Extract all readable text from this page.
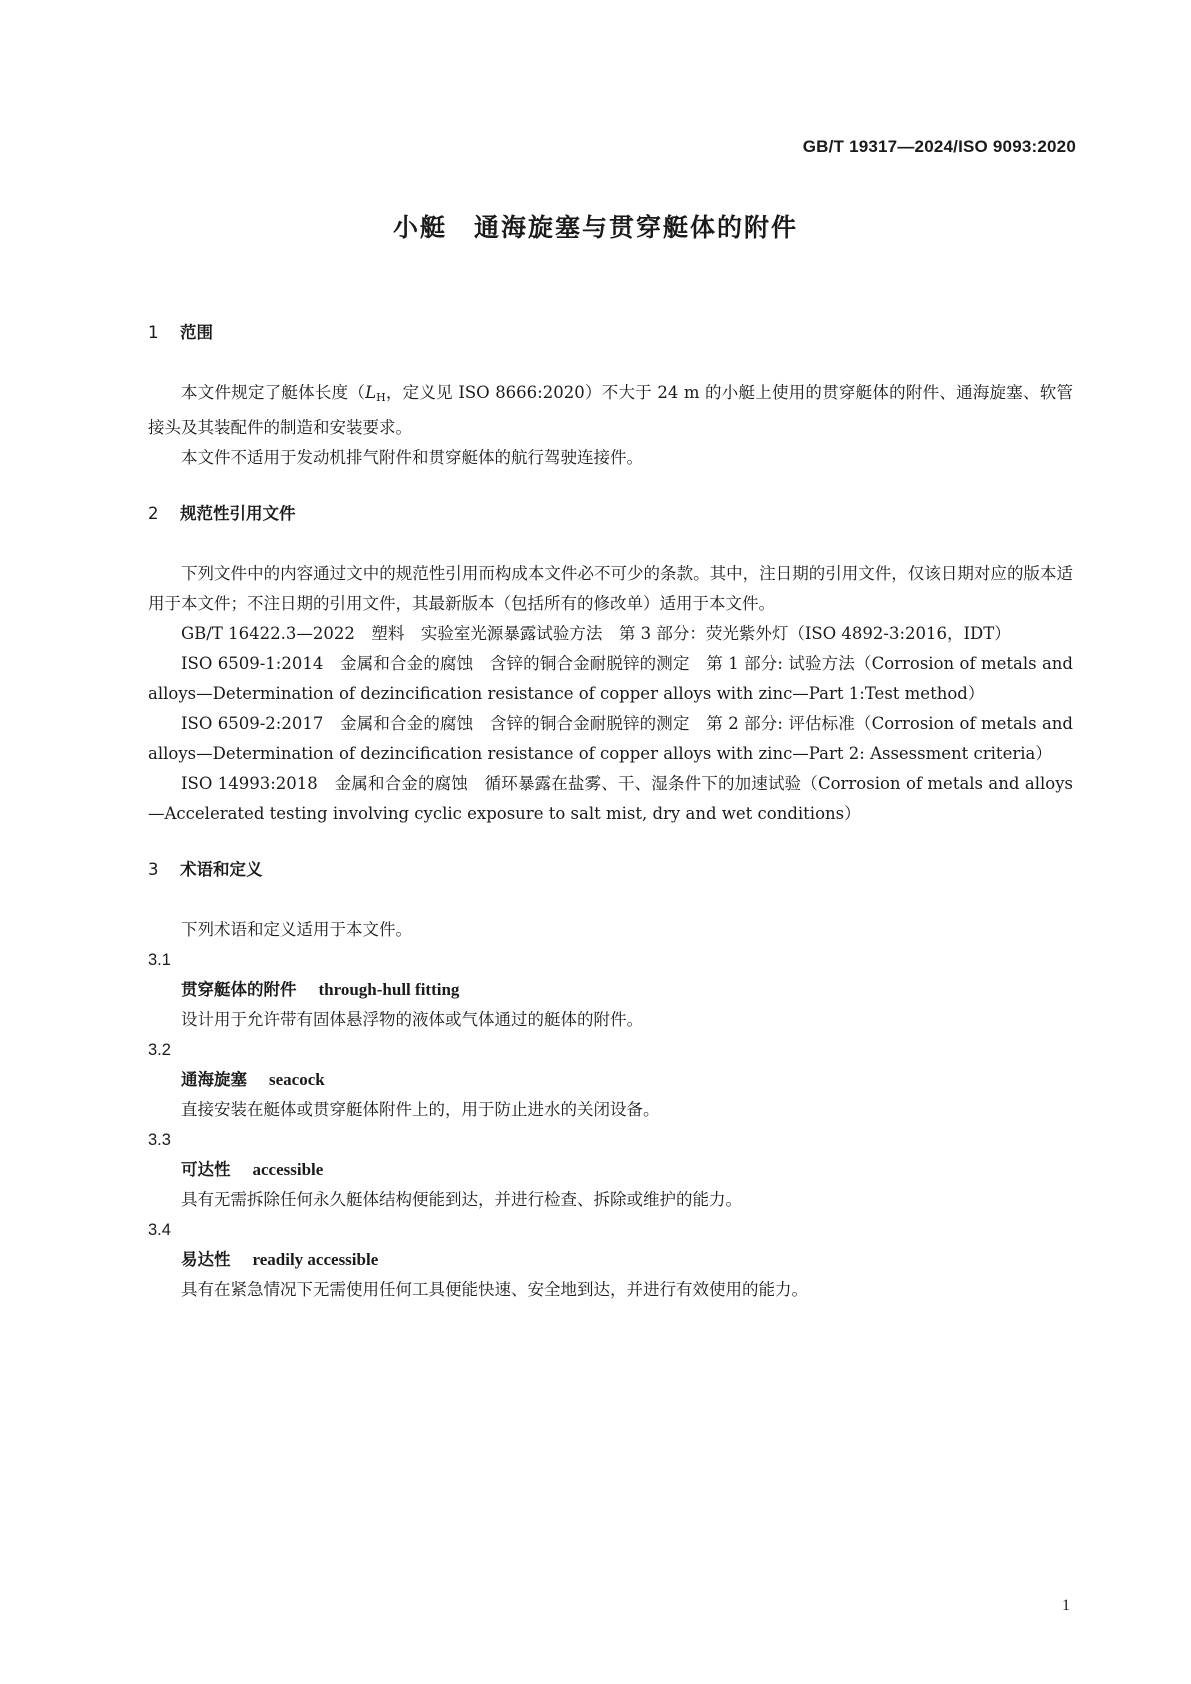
GB/T 19317—2024/ISO 9093:2020
小艇　通海旋塞与贯穿艇体的附件
1 范围

本文件规定了艇体长度（$L_H$，定义见 ISO 8666:2020）不大于 24 m 的小艇上使用的贯穿艇体的附件、通海旋塞、软管接头及其装配件的制造和安装要求。

本文件不适用于发动机排气附件和贯穿艇体的航行驾驶连接件。

2 规范性引用文件

下列文件中的内容通过文中的规范性引用而构成本文件必不可少的条款。其中，注日期的引用文件，仅该日期对应的版本适用于本文件；不注日期的引用文件，其最新版本（包括所有的修改单）适用于本文件。

GB/T 16422.3—2022　塑料　实验室光源暴露试验方法　第 3 部分：荧光紫外灯（ISO 4892-3:2016，IDT）

ISO 6509-1:2014　金属和合金的腐蚀　含锌的铜合金耐脱锌的测定　第 1 部分: 试验方法（Corrosion of metals and alloys—Determination of dezincification resistance of copper alloys with zinc—Part 1:Test method）

ISO 6509-2:2017　金属和合金的腐蚀　含锌的铜合金耐脱锌的测定　第 2 部分: 评估标准（Corrosion of metals and alloys—Determination of dezincification resistance of copper alloys with zinc—Part 2: Assessment criteria）

ISO 14993:2018　金属和合金的腐蚀　循环暴露在盐雾、干、湿条件下的加速试验（Corrosion of metals and alloys—Accelerated testing involving cyclic exposure to salt mist, dry and wet conditions）

3 术语和定义

下列术语和定义适用于本文件。

3.1
贯穿艇体的附件 through-hull fitting
设计用于允许带有固体悬浮物的液体或气体通过的艇体的附件。
3.2
通海旋塞 seacock
直接安装在艇体或贯穿艇体附件上的，用于防止进水的关闭设备。
3.3
可达性 accessible
具有无需拆除任何永久艇体结构便能到达，并进行检查、拆除或维护的能力。
3.4
易达性 readily accessible
具有在紧急情况下无需使用任何工具便能快速、安全地到达，并进行有效使用的能力。
1
